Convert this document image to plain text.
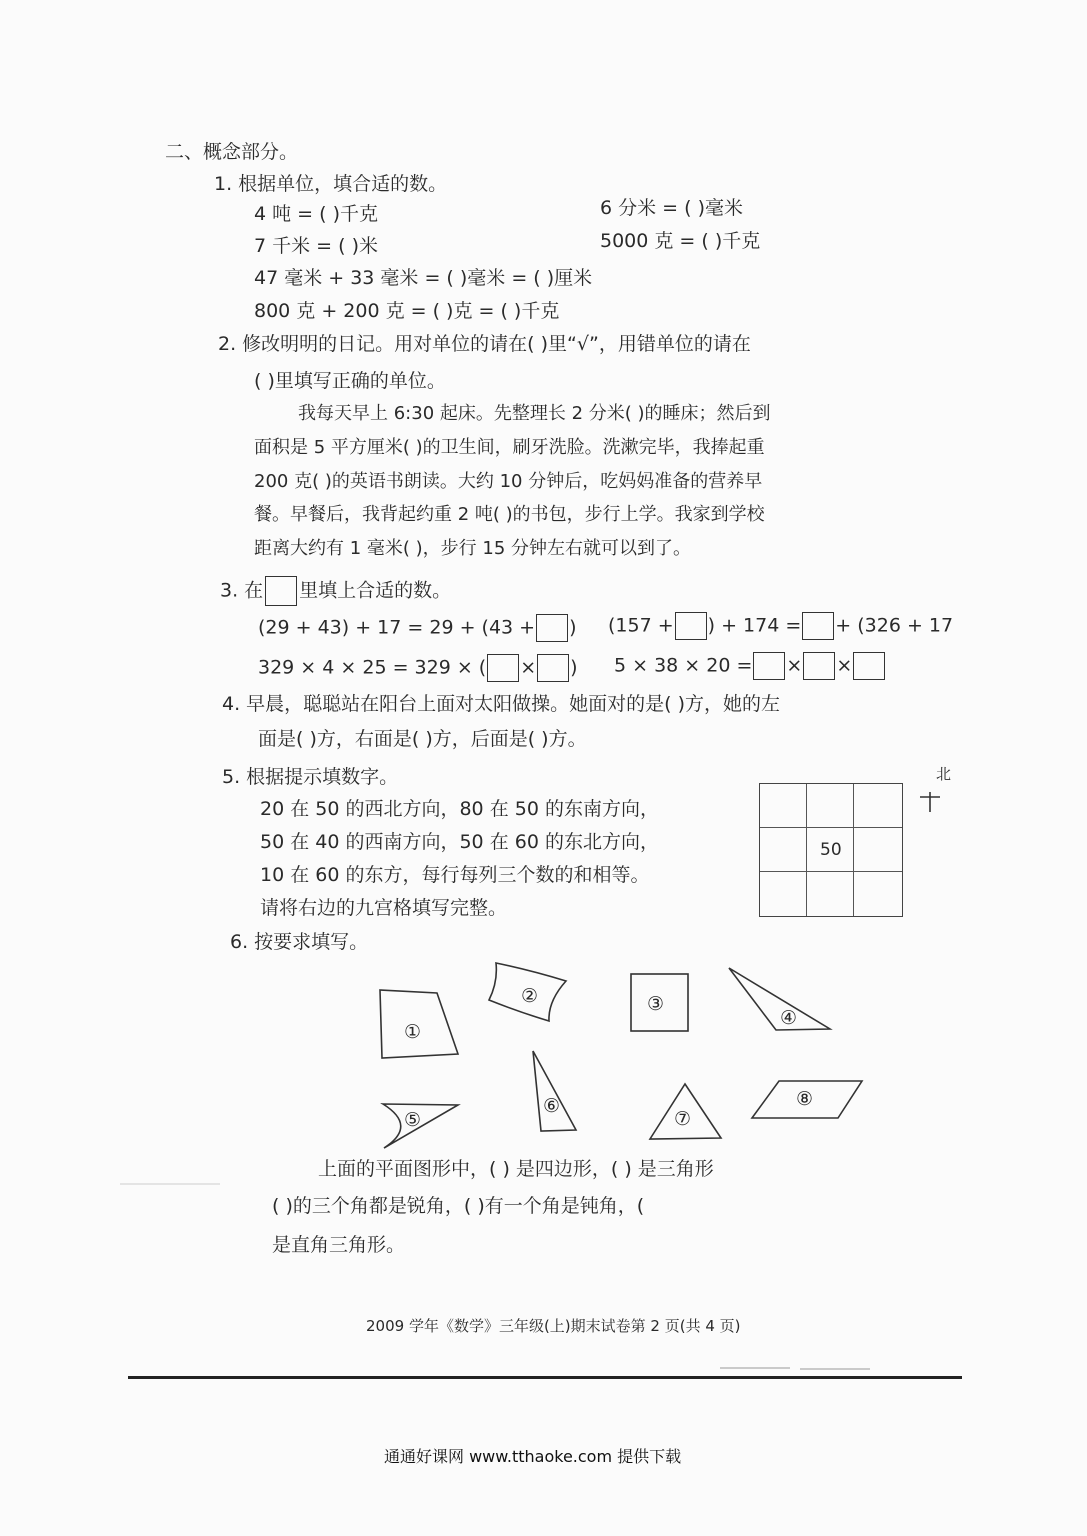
二、概念部分。
1. 根据单位，填合适的数。
4 吨 = ( )千克	6 分米 = ( )毫米
7 千米 = ( )米	5000 克 = ( )千克
47 毫米 + 33 毫米 = ( )毫米 = ( )厘米
800 克 + 200 克 = ( )克 = ( )千克
2. 修改明明的日记。用对单位的请在( )里“√”，用错单位的请在
( )里填写正确的单位。
我每天早上 6:30 起床。先整理长 2 分米( )的睡床；然后到
面积是 5 平方厘米( )的卫生间，刷牙洗脸。洗漱完毕，我捧起重
200 克( )的英语书朗读。大约 10 分钟后，吃妈妈准备的营养早
餐。早餐后，我背起约重 2 吨( )的书包，步行上学。我家到学校
距离大约有 1 毫米( )，步行 15 分钟左右就可以到了。
3. 在 里填上合适的数。
(29 + 43) + 17 = 29 + (43 + ) (157 + ) + 174 = + (326 + 17
329 × 4 × 25 = 329 × ( × ) 5 × 38 × 20 = × ×
4. 早晨，聪聪站在阳台上面对太阳做操。她面对的是( )方，她的左
面是( )方，右面是( )方，后面是( )方。
5. 根据提示填数字。
20 在 50 的西北方向，80 在 50 的东南方向，
50 在 40 的西南方向，50 在 60 的东北方向，
10 在 60 的东方，每行每列三个数的和相等。
请将右边的九宫格填写完整。
50
北
6. 按要求填写。
①
②	③
④
⑤
⑥
⑦
⑧
上面的平面图形中，( ) 是四边形，( ) 是三角形
( )的三个角都是锐角，( )有一个角是钝角，(
是直角三角形。
2009 学年《数学》三年级(上)期末试卷第 2 页(共 4 页)
通通好课网 www.tthaoke.com 提供下载
